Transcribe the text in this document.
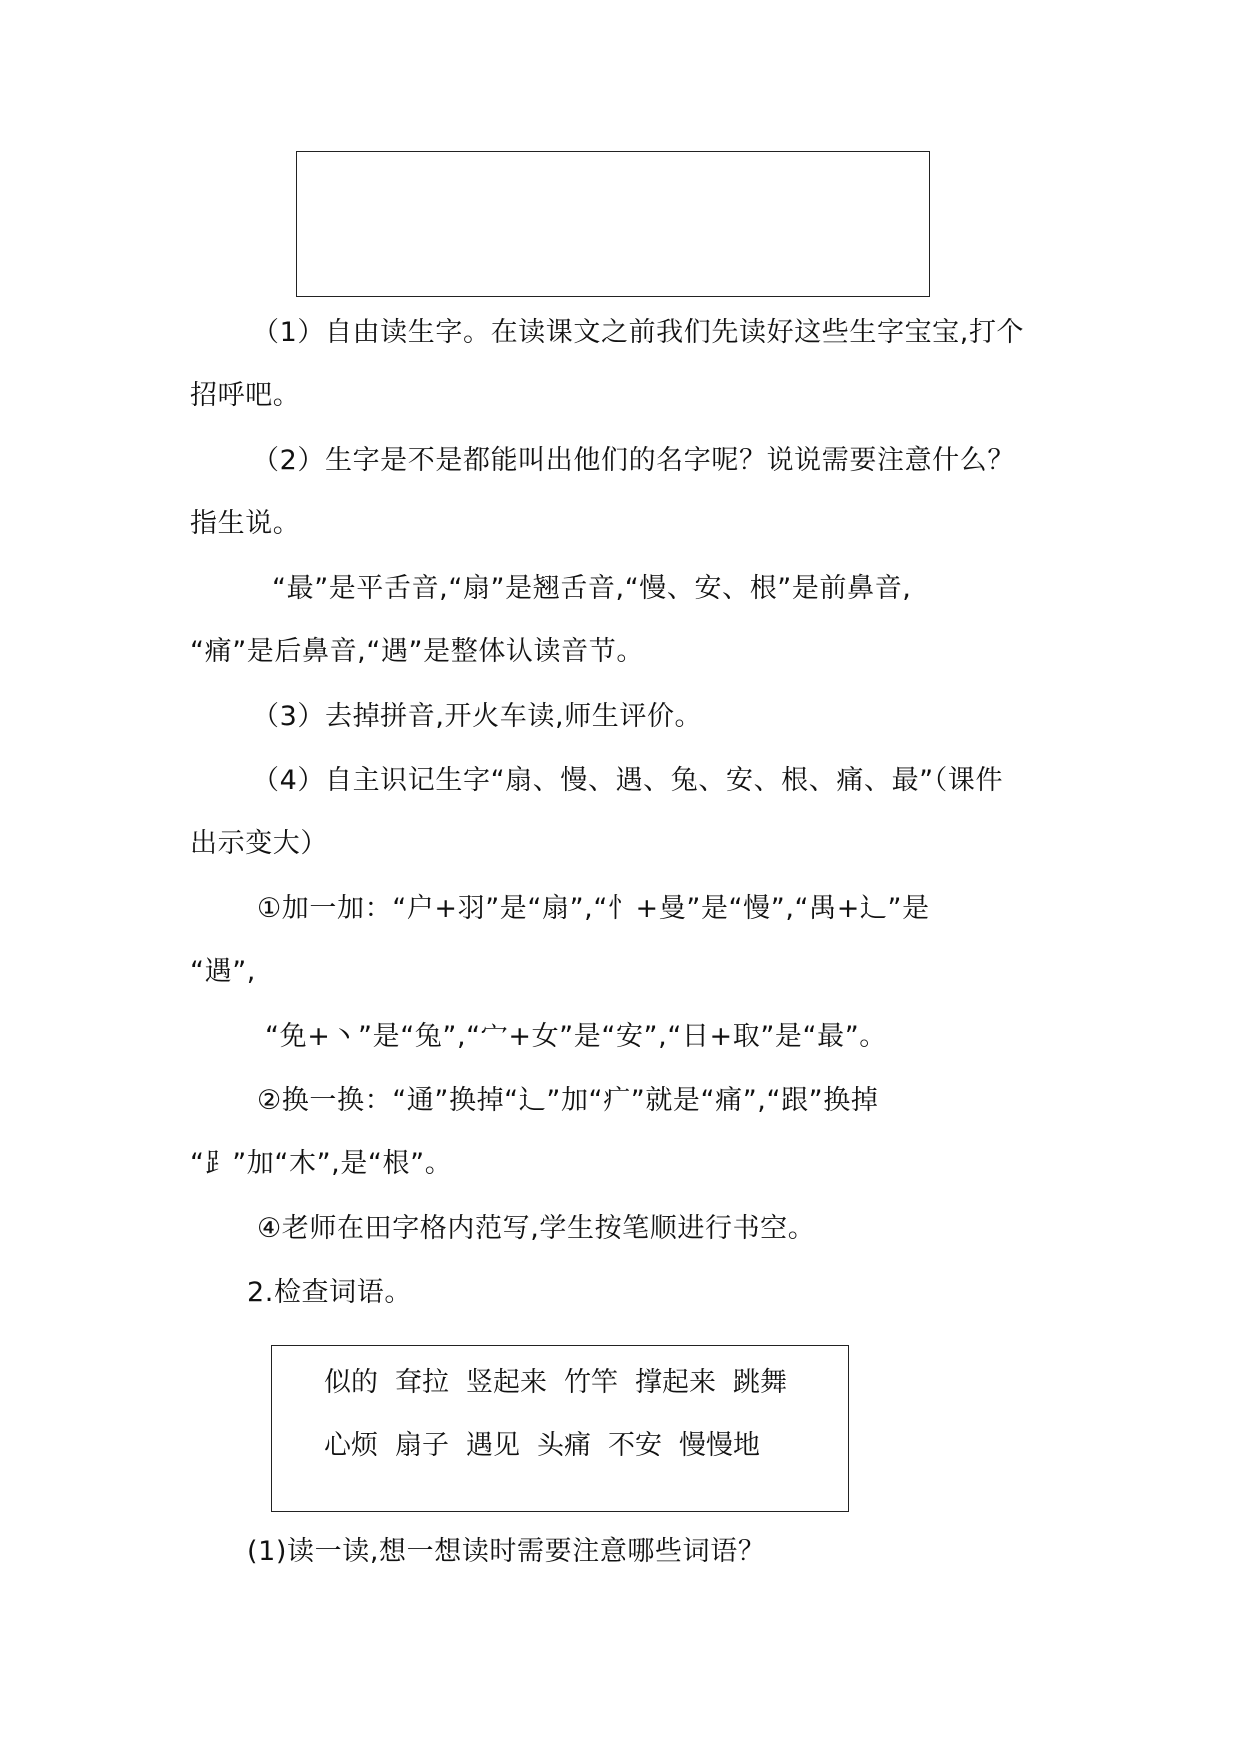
（1）自由读生字。在读课文之前我们先读好这些生字宝宝,打个
招呼吧。
（2）生字是不是都能叫出他们的名字呢？说说需要注意什么？
指生说。
“最”是平舌音,“扇”是翘舌音,“慢、安、根”是前鼻音,
“痛”是后鼻音,“遇”是整体认读音节。
（3）去掉拼音,开火车读,师生评价。
（4）自主识记生字“扇、慢、遇、兔、安、根、痛、最”（课件
出示变大）
①加一加：“户+羽”是“扇”,“忄+曼”是“慢”,“禺+辶”是
“遇”,
“免+丶”是“兔”,“宀+女”是“安”,“日+取”是“最”。
②换一换：“通”换掉“辶”加“疒”就是“痛”,“跟”换掉
“⻊”加“木”,是“根”。
④老师在田字格内范写,学生按笔顺进行书空。
2.检查词语。
似的 耷拉 竖起来 竹竿 撑起来 跳舞
心烦 扇子 遇见 头痛 不安 慢慢地
(1)读一读,想一想读时需要注意哪些词语？
